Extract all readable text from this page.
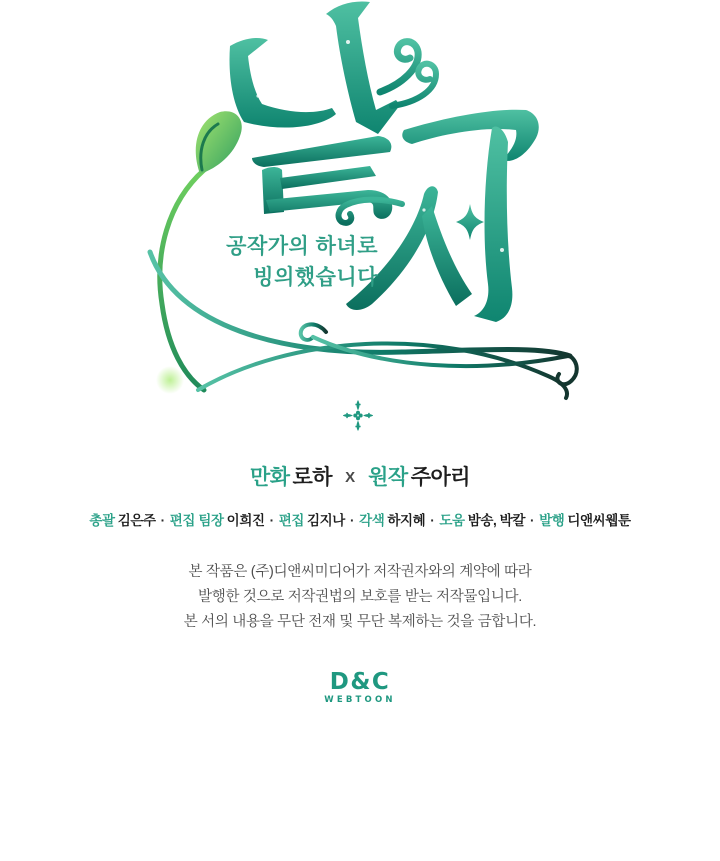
공작가의 하녀로
빙의했습니다
만화 로하 X 원작 주아리
총괄 김은주 · 편집 팀장 이희진 · 편집 김지나 · 각색 하지혜 · 도움 밤송, 박칼 · 발행 디앤씨웹툰
본 작품은 (주)디앤씨미디어가 저작권자와의 계약에 따라
발행한 것으로 저작권법의 보호를 받는 저작물입니다.
본 서의 내용을 무단 전재 및 무단 복제하는 것을 금합니다.
D&C
WEBTOON
